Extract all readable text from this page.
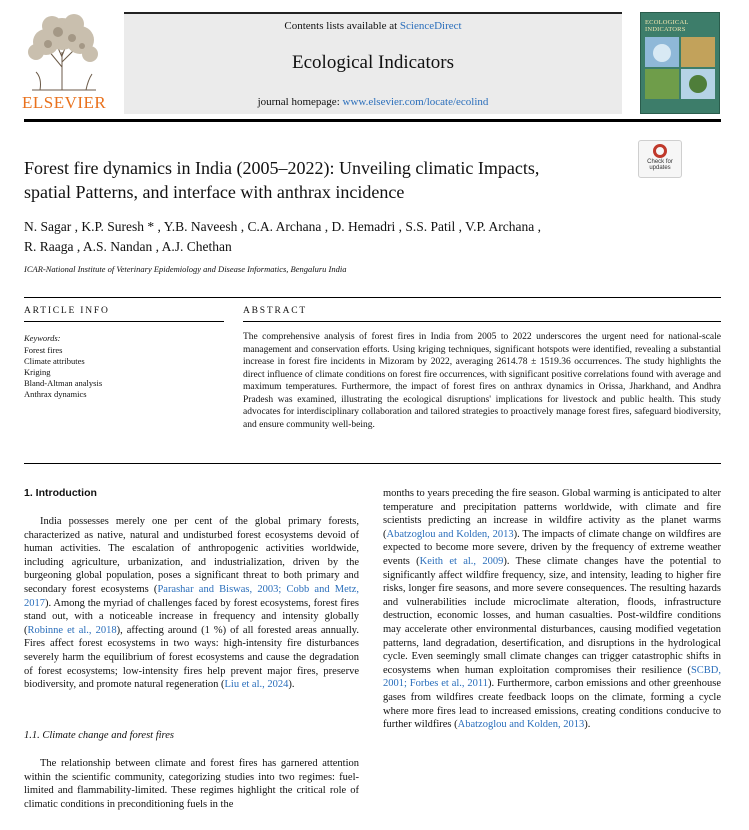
ELSEVIER
Contents lists available at ScienceDirect
Ecological Indicators
journal homepage: www.elsevier.com/locate/ecolind
ECOLOGICAL
INDICATORS
Check for
updates
Forest fire dynamics in India (2005–2022): Unveiling climatic Impacts,
spatial Patterns, and interface with anthrax incidence
N. Sagar , K.P. Suresh * , Y.B. Naveesh , C.A. Archana , D. Hemadri , S.S. Patil , V.P. Archana ,
R. Raaga , A.S. Nandan , A.J. Chethan
ICAR-National Institute of Veterinary Epidemiology and Disease Informatics, Bengaluru India
ARTICLE INFO	ABSTRACT
Keywords:
Forest fires
Climate attributes
Kriging
Bland-Altman analysis
Anthrax dynamics
The comprehensive analysis of forest fires in India from 2005 to 2022 underscores the urgent need for national-scale management and conservation efforts. Using kriging techniques, significant hotspots were identified, revealing a substantial increase in forest fire incidents in Mizoram by 2022, averaging 2614.78 ± 1519.36 occurrences. The study highlights the direct influence of climate conditions on forest fire occurrences, with significant positive correlations found with average and maximum temperatures. Furthermore, the impact of forest fires on anthrax dynamics in Orissa, Jharkhand, and Andhra Pradesh was examined, illustrating the ecological disruptions' implications for livestock and public health. This study advocates for interdisciplinary collaboration and tailored strategies to proactively manage forest fires, safeguard biodiversity, and ensure community well-being.
1. Introduction

India possesses merely one per cent of the global primary forests, characterized as native, natural and undisturbed forest ecosystems devoid of human activities. The escalation of anthropogenic activities worldwide, including agriculture, urbanization, and industrialization, driven by the burgeoning global population, poses a significant threat to both primary and secondary forest ecosystems (Parashar and Biswas, 2003; Cobb and Metz, 2017). Among the myriad of challenges faced by forest ecosystems, forest fires stand out, with a noticeable increase in frequency and intensity globally (Robinne et al., 2018), affecting around (1 %) of all forested areas annually. Fires affect forest ecosystems in two ways: high-intensity fire disturbances severely harm the equilibrium of forest ecosystems and cause the degradation of forest ecosystems; low-intensity fires help prevent major fires, preserve biodiversity, and promote natural regeneration (Liu et al., 2024).

1.1. Climate change and forest fires

The relationship between climate and forest fires has garnered attention within the scientific community, categorizing studies into two regimes: fuel-limited and flammability-limited. These regimes highlight the critical role of climatic conditions in preconditioning fuels in the

months to years preceding the fire season. Global warming is anticipated to alter temperature and precipitation patterns worldwide, with climate and fire scientists predicting an increase in wildfire activity as the planet warms (Abatzoglou and Kolden, 2013). The impacts of climate change on wildfires are expected to become more severe, driven by the frequency of extreme weather events (Keith et al., 2009). These climate changes have the potential to significantly affect wildfire frequency, size, and intensity, leading to higher fire risks, longer fire seasons, and more severe consequences. The resulting hazards and vulnerabilities include microclimate alteration, floods, infrastructure destruction, economic losses, and human casualties. Post-wildfire conditions may accelerate other environmental disturbances, causing modified vegetation patterns, land degradation, desertification, and disruptions in the hydrological cycle. Even seemingly small climate changes can trigger catastrophic shifts in ecosystems when human exploitation compromises their resilience (SCBD, 2001; Forbes et al., 2011). Furthermore, carbon emissions and other greenhouse gases from wildfires create feedback loops on the climate, forming a cycle where more fires lead to increased emissions, creating conditions conducive to further wildfires (Abatzoglou and Kolden, 2013).
